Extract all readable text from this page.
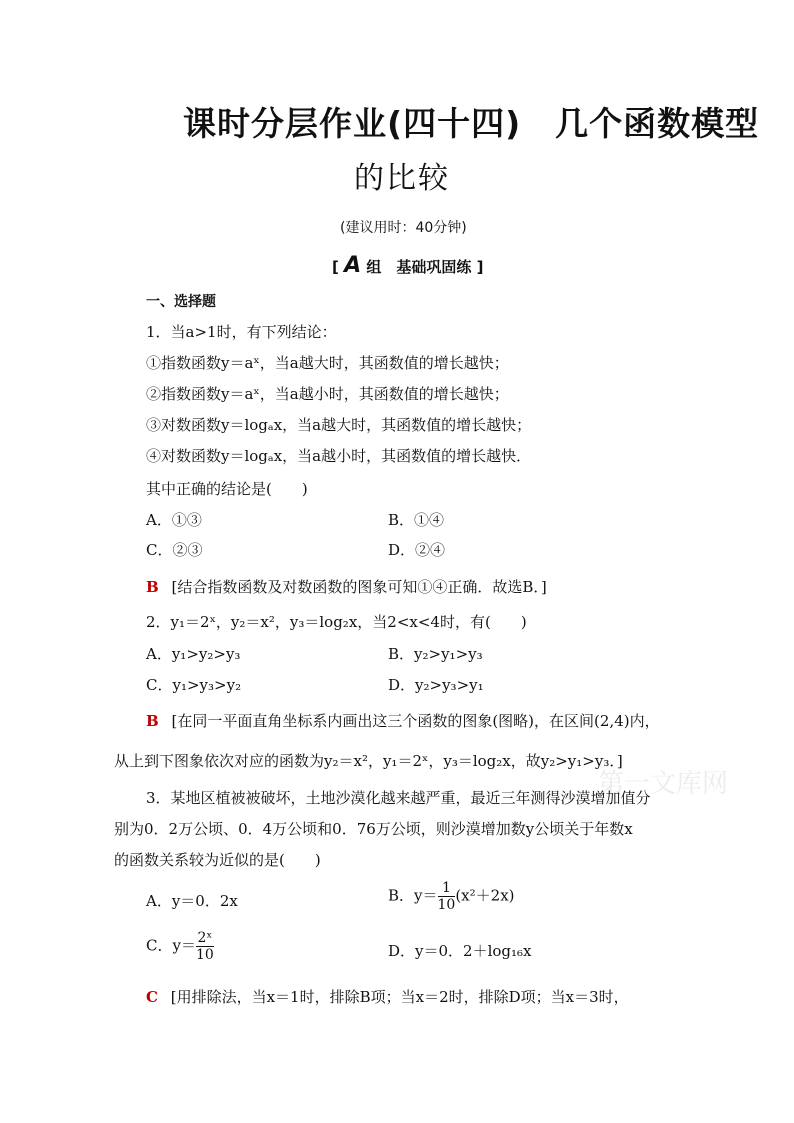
课时分层作业(四十四)　几个函数模型
的比较
(建议用时：40分钟)
[ A 组　基础巩固练 ]
一、选择题
1．当a>1时，有下列结论：
①指数函数y＝aˣ，当a越大时，其函数值的增长越快；
②指数函数y＝aˣ，当a越小时，其函数值的增长越快；
③对数函数y＝logₐx，当a越大时，其函数值的增长越快；
④对数函数y＝logₐx，当a越小时，其函数值的增长越快．
其中正确的结论是(　　)
A．①③	B．①④
C．②③	D．②④
B [结合指数函数及对数函数的图象可知①④正确．故选B．]
2．y₁＝2ˣ，y₂＝x²，y₃＝log₂x，当2<x<4时，有(　　)
A．y₁>y₂>y₃	B．y₂>y₁>y₃
C．y₁>y₃>y₂	D．y₂>y₃>y₁
B [在同一平面直角坐标系内画出这三个函数的图象(图略)，在区间(2,4)内，
从上到下图象依次对应的函数为y₂＝x²，y₁＝2ˣ，y₃＝log₂x，故y₂>y₁>y₃．]
第一文库网
3．某地区植被被破坏，土地沙漠化越来越严重，最近三年测得沙漠增加值分
别为0．2万公顷、0．4万公顷和0．76万公顷，则沙漠增加数y公顷关于年数x
的函数关系较为近似的是(　　)
A．y＝0．2x	B．$y= \frac{1}{10} (x^2+2x)$
C．$y= \frac{\text{2ˣ}}{10}$	D．y＝0．2＋log₁₆x
C [用排除法，当x＝1时，排除B项；当x＝2时，排除D项；当x＝3时，
